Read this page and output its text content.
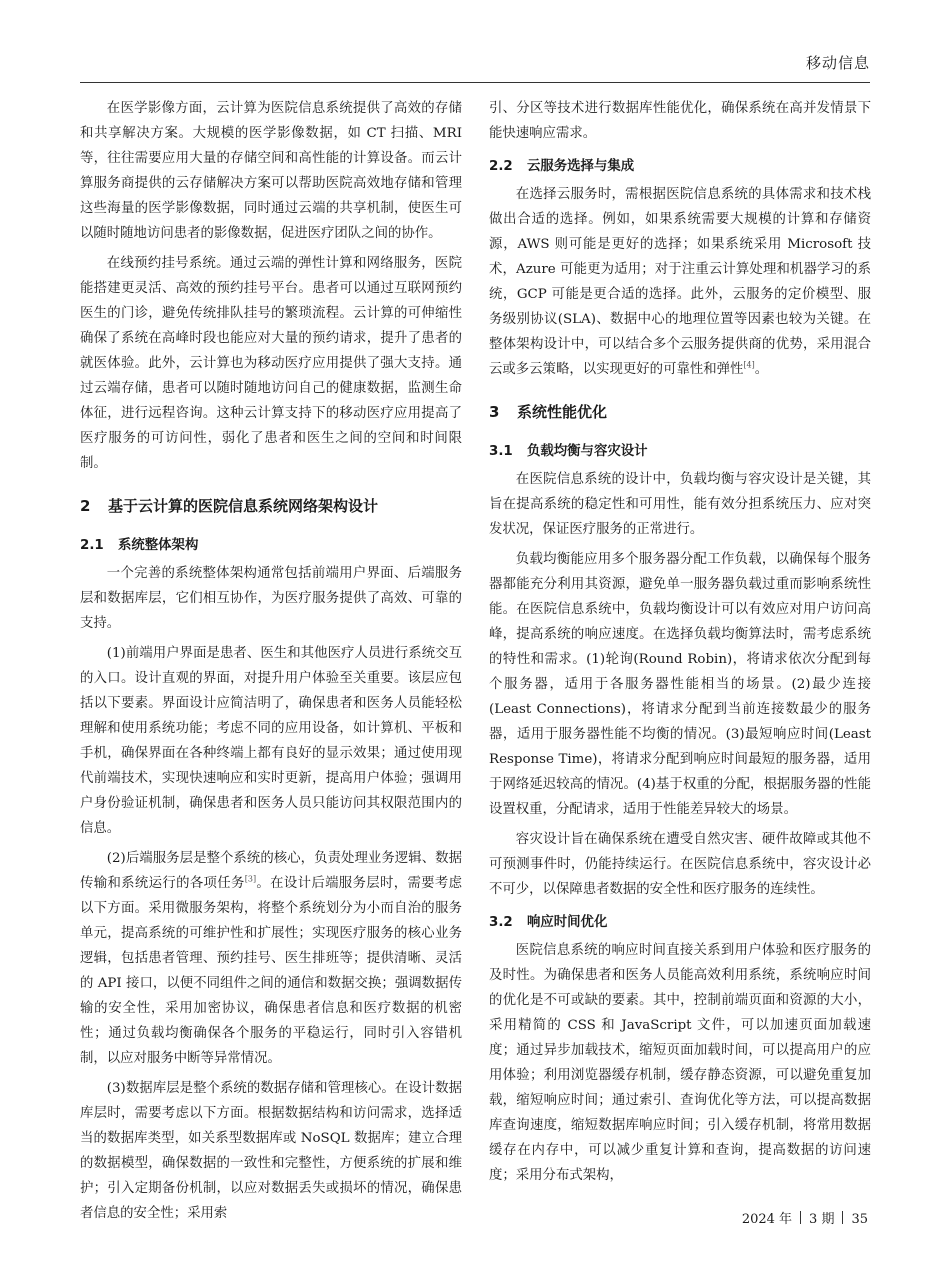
移动信息

在医学影像方面，云计算为医院信息系统提供了高效的存储和共享解决方案。大规模的医学影像数据，如 CT 扫描、MRI 等，往往需要应用大量的存储空间和高性能的计算设备。而云计算服务商提供的云存储解决方案可以帮助医院高效地存储和管理这些海量的医学影像数据，同时通过云端的共享机制，使医生可以随时随地访问患者的影像数据，促进医疗团队之间的协作。

在线预约挂号系统。通过云端的弹性计算和网络服务，医院能搭建更灵活、高效的预约挂号平台。患者可以通过互联网预约医生的门诊，避免传统排队挂号的繁琐流程。云计算的可伸缩性确保了系统在高峰时段也能应对大量的预约请求，提升了患者的就医体验。此外，云计算也为移动医疗应用提供了强大支持。通过云端存储，患者可以随时随地访问自己的健康数据，监测生命体征，进行远程咨询。这种云计算支持下的移动医疗应用提高了医疗服务的可访问性，弱化了患者和医生之间的空间和时间限制。

2 基于云计算的医院信息系统网络架构设计
2.1 系统整体架构

一个完善的系统整体架构通常包括前端用户界面、后端服务层和数据库层，它们相互协作，为医疗服务提供了高效、可靠的支持。

(1)前端用户界面是患者、医生和其他医疗人员进行系统交互的入口。设计直观的界面，对提升用户体验至关重要。该层应包括以下要素。界面设计应简洁明了，确保患者和医务人员能轻松理解和使用系统功能；考虑不同的应用设备，如计算机、平板和手机，确保界面在各种终端上都有良好的显示效果；通过使用现代前端技术，实现快速响应和实时更新，提高用户体验；强调用户身份验证机制，确保患者和医务人员只能访问其权限范围内的信息。

(2)后端服务层是整个系统的核心，负责处理业务逻辑、数据传输和系统运行的各项任务[3]。在设计后端服务层时，需要考虑以下方面。采用微服务架构，将整个系统划分为小而自治的服务单元，提高系统的可维护性和扩展性；实现医疗服务的核心业务逻辑，包括患者管理、预约挂号、医生排班等；提供清晰、灵活的 API 接口，以便不同组件之间的通信和数据交换；强调数据传输的安全性，采用加密协议，确保患者信息和医疗数据的机密性；通过负载均衡确保各个服务的平稳运行，同时引入容错机制，以应对服务中断等异常情况。

(3)数据库层是整个系统的数据存储和管理核心。在设计数据库层时，需要考虑以下方面。根据数据结构和访问需求，选择适当的数据库类型，如关系型数据库或 NoSQL 数据库；建立合理的数据模型，确保数据的一致性和完整性，方便系统的扩展和维护；引入定期备份机制，以应对数据丢失或损坏的情况，确保患者信息的安全性；采用索

引、分区等技术进行数据库性能优化，确保系统在高并发情景下能快速响应需求。

2.2 云服务选择与集成

在选择云服务时，需根据医院信息系统的具体需求和技术栈做出合适的选择。例如，如果系统需要大规模的计算和存储资源，AWS 则可能是更好的选择；如果系统采用 Microsoft 技术，Azure 可能更为适用；对于注重云计算处理和机器学习的系统，GCP 可能是更合适的选择。此外，云服务的定价模型、服务级别协议(SLA)、数据中心的地理位置等因素也较为关键。在整体架构设计中，可以结合多个云服务提供商的优势，采用混合云或多云策略，以实现更好的可靠性和弹性[4]。

3 系统性能优化
3.1 负载均衡与容灾设计

在医院信息系统的设计中，负载均衡与容灾设计是关键，其旨在提高系统的稳定性和可用性，能有效分担系统压力、应对突发状况，保证医疗服务的正常进行。

负载均衡能应用多个服务器分配工作负载，以确保每个服务器都能充分利用其资源，避免单一服务器负载过重而影响系统性能。在医院信息系统中，负载均衡设计可以有效应对用户访问高峰，提高系统的响应速度。在选择负载均衡算法时，需考虑系统的特性和需求。(1)轮询(Round Robin)，将请求依次分配到每个服务器，适用于各服务器性能相当的场景。(2)最少连接(Least Connections)，将请求分配到当前连接数最少的服务器，适用于服务器性能不均衡的情况。(3)最短响应时间(Least Response Time)，将请求分配到响应时间最短的服务器，适用于网络延迟较高的情况。(4)基于权重的分配，根据服务器的性能设置权重，分配请求，适用于性能差异较大的场景。

容灾设计旨在确保系统在遭受自然灾害、硬件故障或其他不可预测事件时，仍能持续运行。在医院信息系统中，容灾设计必不可少，以保障患者数据的安全性和医疗服务的连续性。

3.2 响应时间优化

医院信息系统的响应时间直接关系到用户体验和医疗服务的及时性。为确保患者和医务人员能高效利用系统，系统响应时间的优化是不可或缺的要素。其中，控制前端页面和资源的大小，采用精简的 CSS 和 JavaScript 文件，可以加速页面加载速度；通过异步加载技术，缩短页面加载时间，可以提高用户的应用体验；利用浏览器缓存机制，缓存静态资源，可以避免重复加载，缩短响应时间；通过索引、查询优化等方法，可以提高数据库查询速度，缩短数据库响应时间；引入缓存机制，将常用数据缓存在内存中，可以减少重复计算和查询，提高数据的访问速度；采用分布式架构，

2024 年 3 期 35
